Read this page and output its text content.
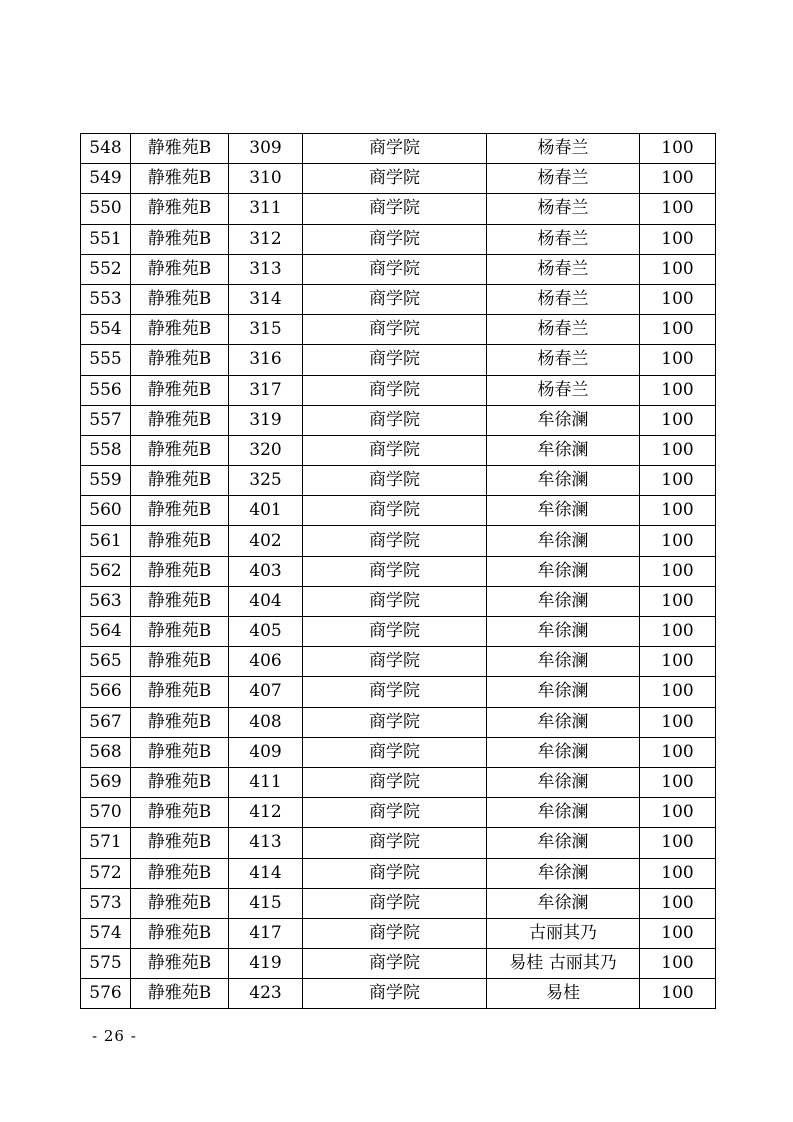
548	静雅苑B	309	商学院	杨春兰	100
549	静雅苑B	310	商学院	杨春兰	100
550	静雅苑B	311	商学院	杨春兰	100
551	静雅苑B	312	商学院	杨春兰	100
552	静雅苑B	313	商学院	杨春兰	100
553	静雅苑B	314	商学院	杨春兰	100
554	静雅苑B	315	商学院	杨春兰	100
555	静雅苑B	316	商学院	杨春兰	100
556	静雅苑B	317	商学院	杨春兰	100
557	静雅苑B	319	商学院	牟徐澜	100
558	静雅苑B	320	商学院	牟徐澜	100
559	静雅苑B	325	商学院	牟徐澜	100
560	静雅苑B	401	商学院	牟徐澜	100
561	静雅苑B	402	商学院	牟徐澜	100
562	静雅苑B	403	商学院	牟徐澜	100
563	静雅苑B	404	商学院	牟徐澜	100
564	静雅苑B	405	商学院	牟徐澜	100
565	静雅苑B	406	商学院	牟徐澜	100
566	静雅苑B	407	商学院	牟徐澜	100
567	静雅苑B	408	商学院	牟徐澜	100
568	静雅苑B	409	商学院	牟徐澜	100
569	静雅苑B	411	商学院	牟徐澜	100
570	静雅苑B	412	商学院	牟徐澜	100
571	静雅苑B	413	商学院	牟徐澜	100
572	静雅苑B	414	商学院	牟徐澜	100
573	静雅苑B	415	商学院	牟徐澜	100
574	静雅苑B	417	商学院	古丽其乃	100
575	静雅苑B	419	商学院	易桂 古丽其乃	100
576	静雅苑B	423	商学院	易桂	100
- 26 -
